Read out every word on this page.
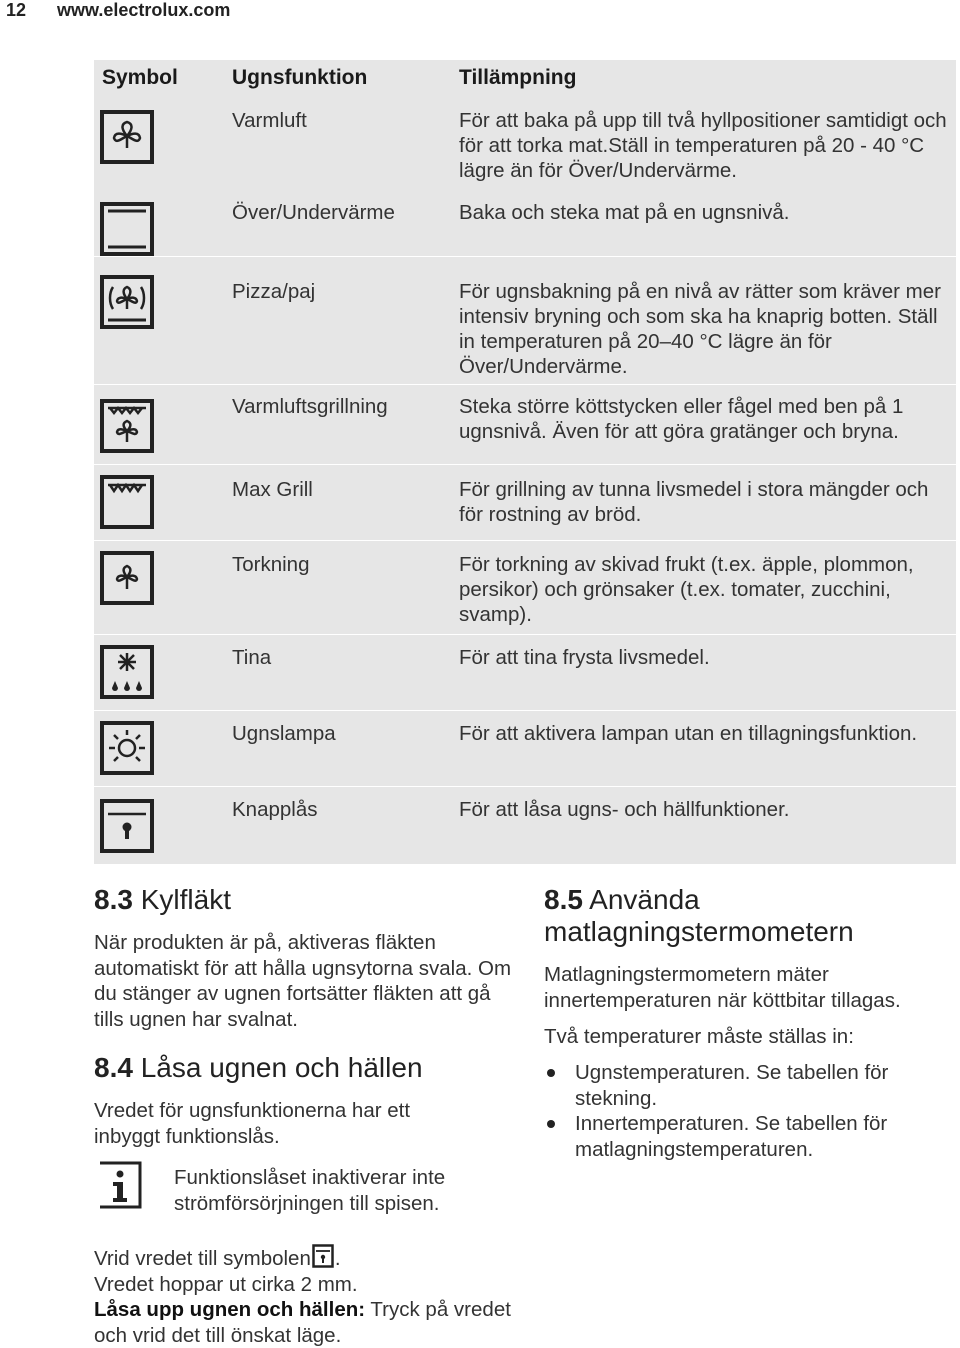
12 www.electrolux.com
Symbol	Ugnsfunktion	Tillämpning
Varmluft	För att baka på upp till två hyllpositioner samtidigt och för att torka mat.Ställ in temperaturen på 20 - 40 °C lägre än för Över/Undervärme.
Över/Undervärme	Baka och steka mat på en ugnsnivå.
Pizza/paj	För ugnsbakning på en nivå av rätter som kräver mer intensiv bryning och som ska ha knaprig botten. Ställ in temperaturen på 20–40 °C lägre än för Över/Undervärme.
Varmluftsgrillning	Steka större köttstycken eller fågel med ben på 1 ugnsnivå. Även för att göra gratänger och bryna.
Max Grill	För grillning av tunna livsmedel i stora mängder och för rostning av bröd.
Torkning	För torkning av skivad frukt (t.ex. äpple, plommon, persikor) och grönsaker (t.ex. tomater, zucchini, svamp).
Tina	För att tina frysta livsmedel.
Ugnslampa	För att aktivera lampan utan en tillagningsfunktion.
Knapplås	För att låsa ugns- och hällfunktioner.
8.3 Kylfläkt
När produkten är på, aktiveras fläkten automatiskt för att hålla ugnsytorna svala. Om du stänger av ugnen fortsätter fläkten att gå tills ugnen har svalnat.
8.4 Låsa ugnen och hällen
Vredet för ugnsfunktionerna har ett inbyggt funktionslås.
Funktionslåset inaktiverar inte strömförsörjningen till spisen.
Vrid vredet till symbolen .
Vredet hoppar ut cirka 2 mm.
Låsa upp ugnen och hällen: Tryck på vredet och vrid det till önskat läge.
8.5 Använda
matlagningstermometern
Matlagningstermometern mäter innertemperaturen när köttbitar tillagas.
Två temperaturer måste ställas in:
Ugnstemperaturen. Se tabellen för stekning.
Innertemperaturen. Se tabellen för matlagningstemperaturen.
